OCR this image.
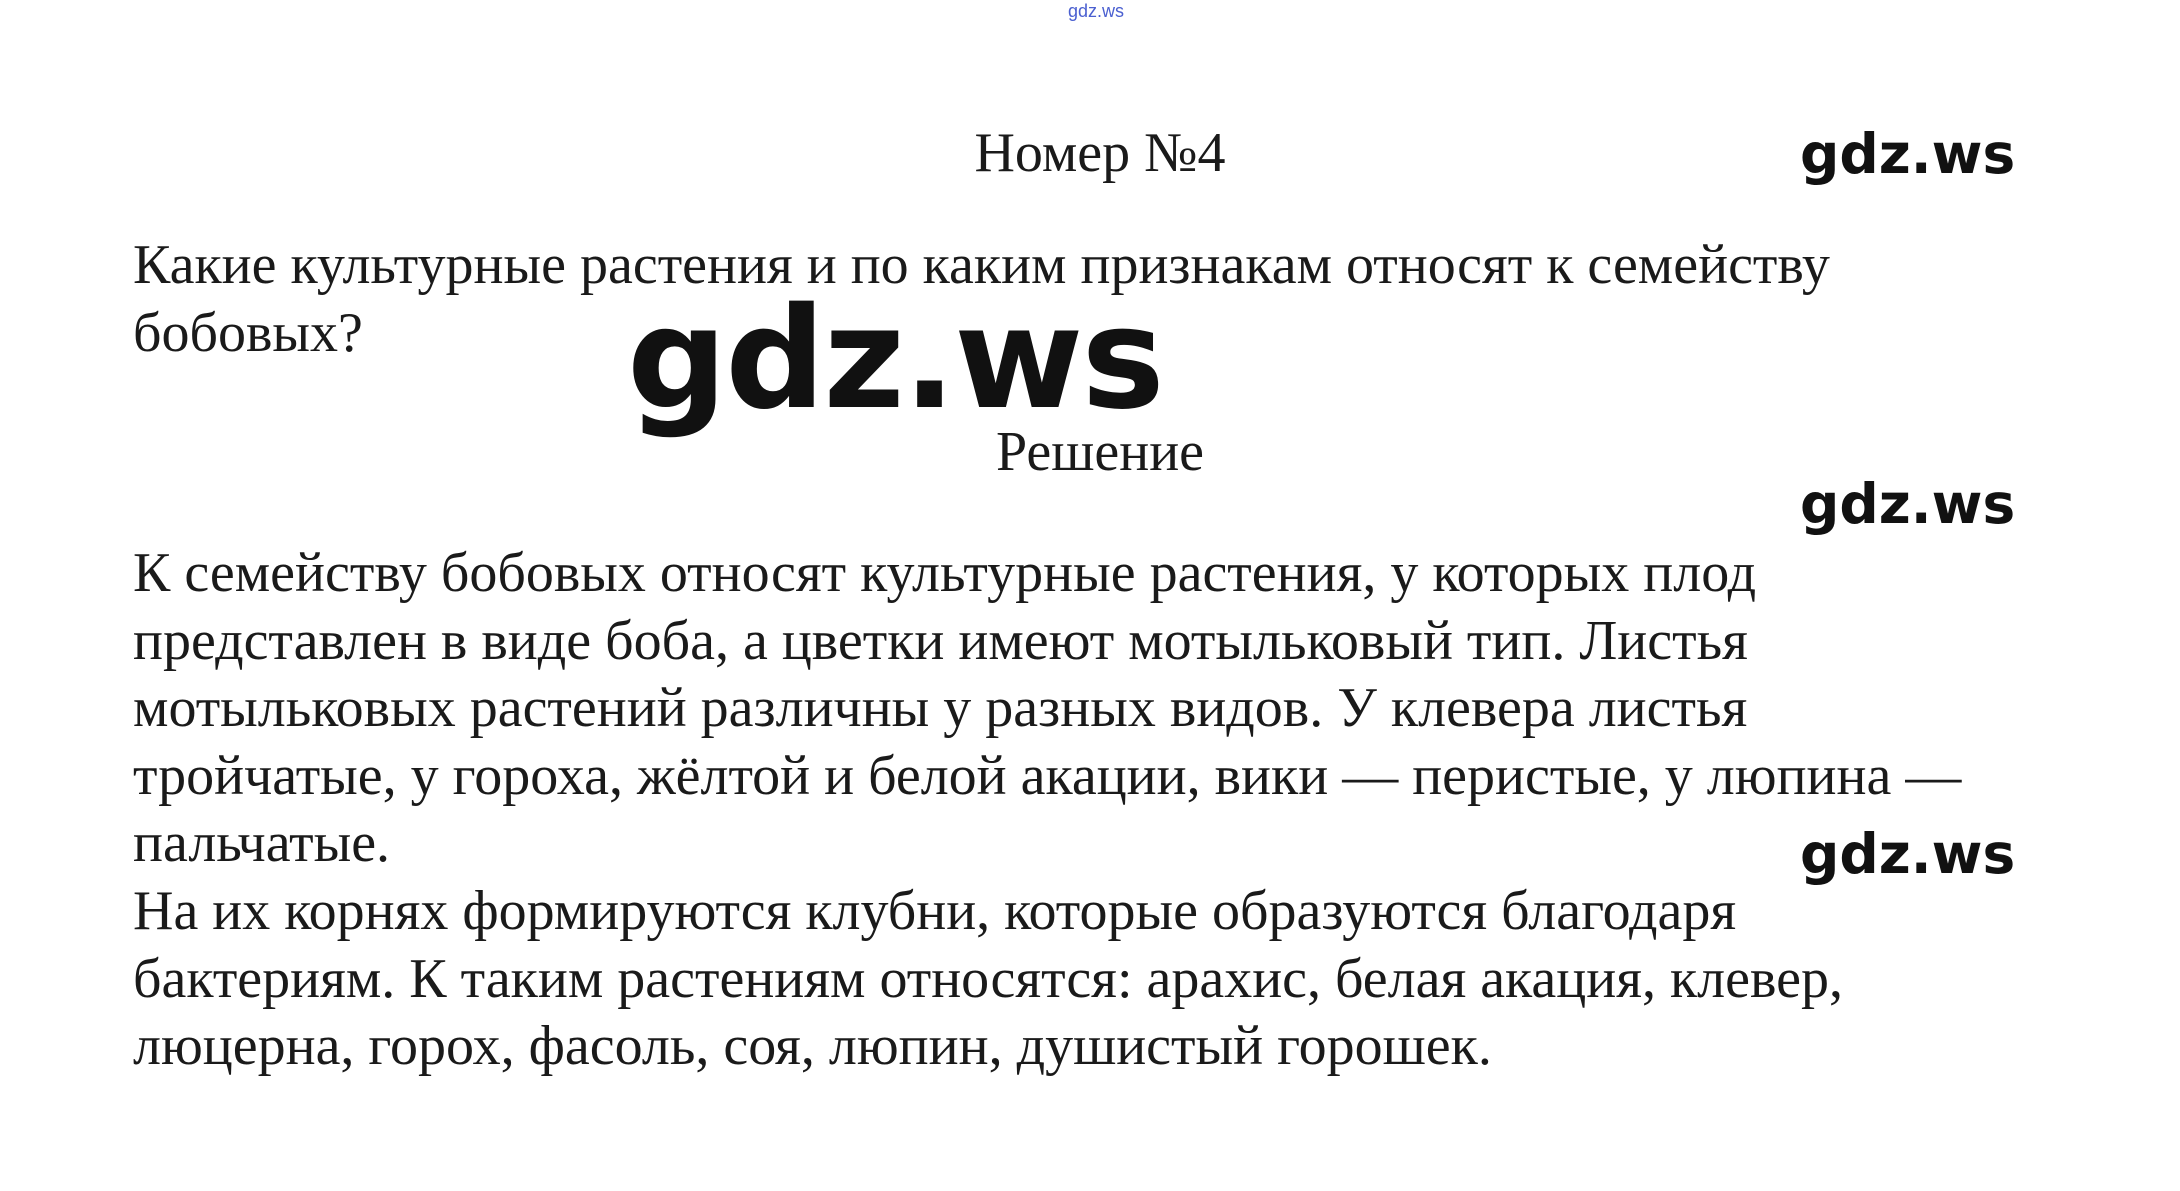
gdz.ws
Номер №4	gdz.ws
Какие культурные растения и по каким признакам относят к семейству
бобовых?	gdz.ws
Решение
gdz.ws
К семейству бобовых относят культурные растения, у которых плод
представлен в виде боба, а цветки имеют мотыльковый тип. Листья
мотыльковых растений различны у разных видов. У клевера листья
тройчатые, у гороха, жёлтой и белой акации, вики — перистые, у люпина —
пальчатые.	gdz.ws
На их корнях формируются клубни, которые образуются благодаря
бактериям. К таким растениям относятся: арахис, белая акация, клевер,
люцерна, горох, фасоль, соя, люпин, душистый горошек.
